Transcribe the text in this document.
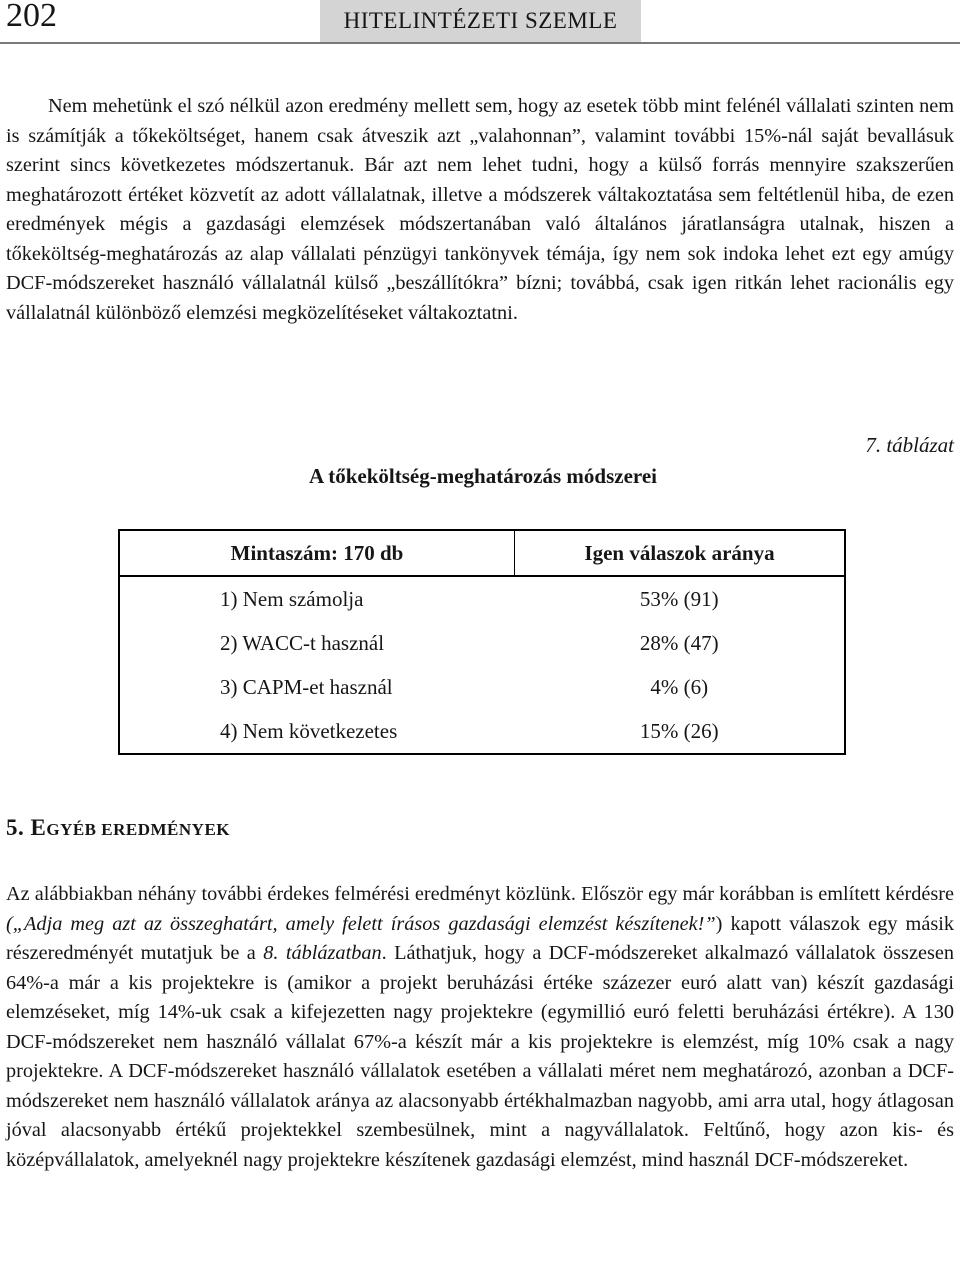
202	HITELINTÉZETI SZEMLE

Nem mehetünk el szó nélkül azon eredmény mellett sem, hogy az esetek több mint felénél vállalati szinten nem is számítják a tőkeköltséget, hanem csak átveszik azt „valahonnan”, valamint további 15%-nál saját bevallásuk szerint sincs következetes módszertanuk. Bár azt nem lehet tudni, hogy a külső forrás mennyire szakszerűen meghatározott értéket közvetít az adott vállalatnak, illetve a módszerek váltakoztatása sem feltétlenül hiba, de ezen eredmények mégis a gazdasági elemzések módszertanában való általános járatlanságra utalnak, hiszen a tőkeköltség-meghatározás az alap vállalati pénzügyi tankönyvek témája, így nem sok indoka lehet ezt egy amúgy DCF-módszereket használó vállalatnál külső „beszállítókra” bízni; továbbá, csak igen ritkán lehet racionális egy vállalatnál különböző elemzési megközelítéseket váltakoztatni.

7. táblázat
A tőkeköltség-meghatározás módszerei
Mintaszám: 170 db	Igen válaszok aránya
1) Nem számolja	53% (91)
2) WACC-t használ	28% (47)
3) CAPM-et használ	4% (6)
4) Nem következetes	15% (26)
5. EGYÉB EREDMÉNYEK

Az alábbiakban néhány további érdekes felmérési eredményt közlünk. Először egy már korábban is említett kérdésre („Adja meg azt az összeghatárt, amely felett írásos gazdasági elemzést készítenek!”) kapott válaszok egy másik részeredményét mutatjuk be a 8. táblázatban. Láthatjuk, hogy a DCF-módszereket alkalmazó vállalatok összesen 64%-a már a kis projektekre is (amikor a projekt beruházási értéke százezer euró alatt van) készít gazdasági elemzéseket, míg 14%-uk csak a kifejezetten nagy projektekre (egymillió euró feletti beruházási értékre). A 130 DCF-módszereket nem használó vállalat 67%-a készít már a kis projektekre is elemzést, míg 10% csak a nagy projektekre. A DCF-módszereket használó vállalatok esetében a vállalati méret nem meghatározó, azonban a DCF-módszereket nem használó vállalatok aránya az alacsonyabb értékhalmazban nagyobb, ami arra utal, hogy átlagosan jóval alacsonyabb értékű projektekkel szembesülnek, mint a nagyvállalatok. Feltűnő, hogy azon kis- és középvállalatok, amelyeknél nagy projektekre készítenek gazdasági elemzést, mind használ DCF-módszereket.
